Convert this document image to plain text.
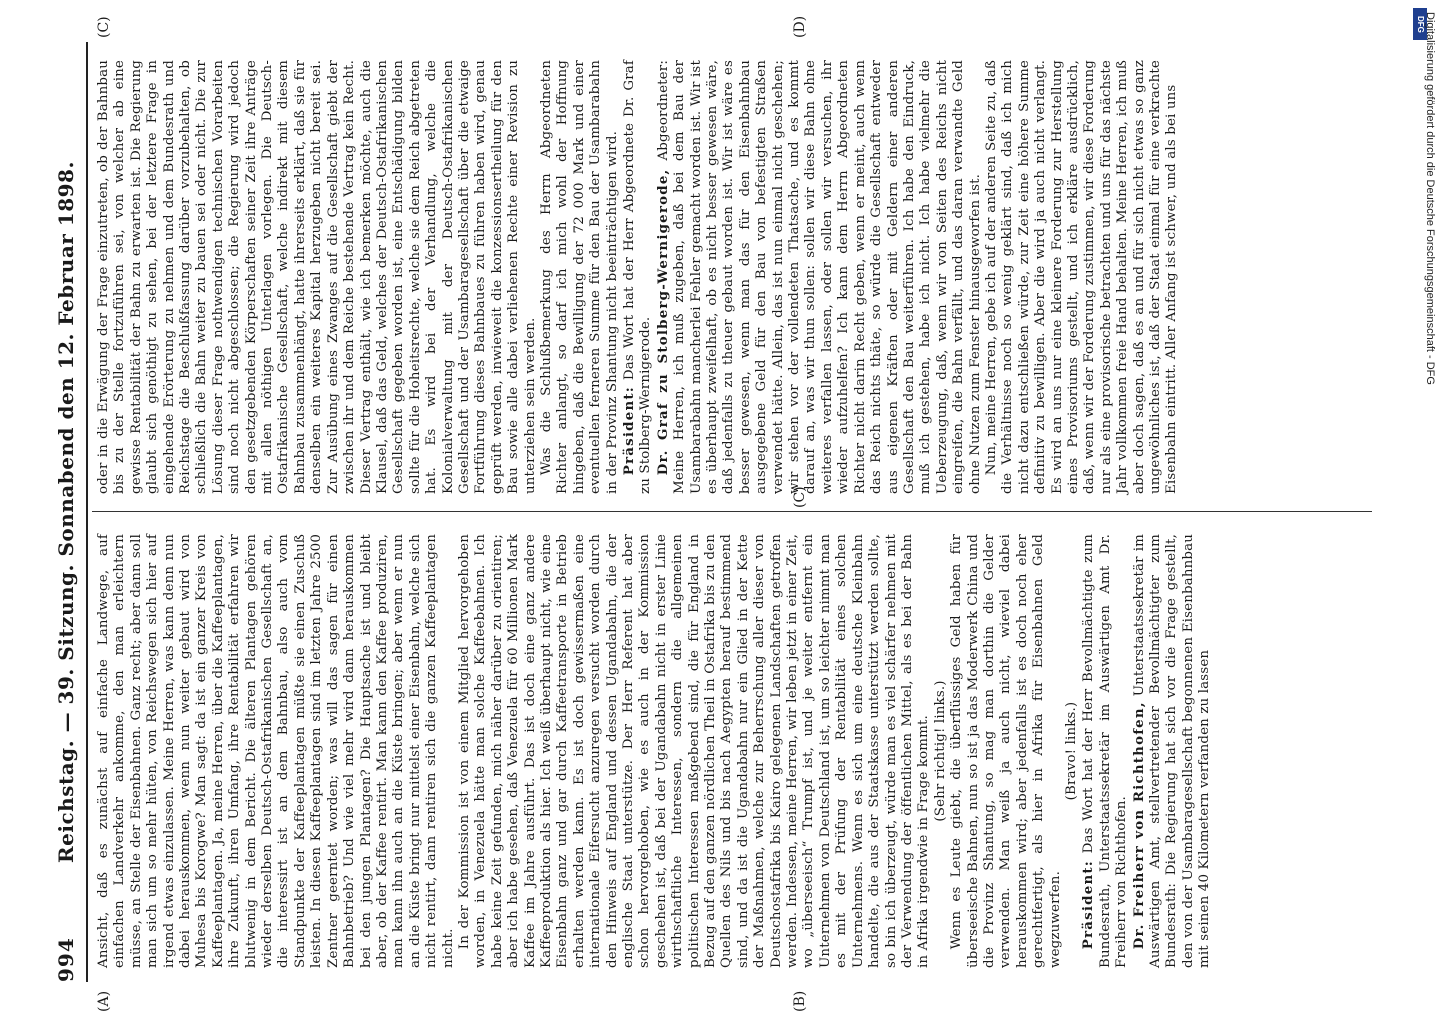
994
Reichstag. — 39. Sitzung. Sonnabend den 12. Februar 1898.
(A)	(B)
(C)

Ansicht, daß es zunächst auf einfache Landwege, auf einfachen Landverkehr ankomme, den man erleichtern müsse, an Stelle der Eisenbahnen. Ganz recht; aber dann soll man sich um so mehr hüten, von Reichswegen sich hier auf irgend etwas einzulassen. Meine Herren, was kann denn nun dabei herauskommen, wenn nun weiter gebaut wird von Muhesa bis Korogwe? Man sagt: da ist ein ganzer Kreis von Kaffeeplantagen. Ja, meine Herren, über die Kaffeeplantagen, ihre Zukunft, ihren Umfang, ihre Rentabilität erfahren wir blutwenig in dem Bericht. Die älteren Plantagen gehören wieder derselben Deutsch-Ostafrikanischen Gesellschaft an, die interessirt ist an dem Bahnbau, also auch vom Standpunkte der Kaffeeplantagen müßte sie einen Zuschuß leisten. In diesen Kaffeeplantagen sind im letzten Jahre 2500 Zentner geerntet worden; was will das sagen für einen Bahnbetrieb? Und wie viel mehr wird dann herauskommen bei den jungen Plantagen? Die Hauptsache ist und bleibt aber, ob der Kaffee rentirt. Man kann den Kaffee produziren, man kann ihn auch an die Küste bringen; aber wenn er nun an die Küste bringt nur mittelst einer Eisenbahn, welche sich nicht rentirt, dann rentiren sich die ganzen Kaffeeplantagen nicht. In der Kommission ist von einem Mitglied hervorgehoben worden, in Venezuela hätte man solche Kaffeebahnen. Ich habe keine Zeit gefunden, mich näher darüber zu orientiren; aber ich habe gesehen, daß Venezuela für 60 Millionen Mark Kaffee im Jahre ausführt. Das ist doch eine ganz andere Kaffeeproduktion als hier. Ich weiß überhaupt nicht, wie eine Eisenbahn ganz und gar durch Kaffeetransporte in Betrieb erhalten werden kann. Es ist doch gewissermaßen eine internationale Eifersucht anzuregen versucht worden durch den Hinweis auf England und dessen Ugandabahn, die der englische Staat unterstütze. Der Herr Referent hat aber schon hervorgehoben, wie es auch in der Kommission geschehen ist, daß bei der Ugandabahn nicht in erster Linie wirthschaftliche Interessen, sondern die allgemeinen politischen Interessen maßgebend sind, die für England in Bezug auf den ganzen nördlichen Theil in Ostafrika bis zu den Quellen des Nils und bis nach Aegypten herauf bestimmend sind, und da ist die Ugandabahn nur ein Glied in der Kette der Maßnahmen, welche zur Beherrschung aller dieser von Deutschostafrika bis Kairo gelegenen Landschaften getroffen werden. Indessen, meine Herren, wir leben jetzt in einer Zeit, wo „überseeisch“ Trumpf ist, und je weiter entfernt ein Unternehmen von Deutschland ist, um so leichter nimmt man es mit der Prüfung der Rentabilität eines solchen Unternehmens. Wenn es sich um eine deutsche Kleinbahn handelte, die aus der Staatskasse unterstützt werden sollte, so bin ich überzeugt, würde man es viel schärfer nehmen mit der Verwendung der öffentlichen Mittel, als es bei der Bahn in Afrika irgendwie in Frage kommt. (Sehr richtig! links.) Wenn es Leute giebt, die überflüssiges Geld haben für überseeische Bahnen, nun so ist ja das Moderwerk China und die Provinz Shantung, so mag man dorthin die Gelder verwenden. Man weiß ja auch nicht, wieviel dabei herauskommen wird; aber jedenfalls ist es doch noch eher gerechtfertigt, als hier in Afrika für Eisenbahnen Geld wegzuwerfen.

(Bravo! links.)

Präsident: Das Wort hat der Herr Bevollmächtigte zum Bundesrath, Unterstaatssekretär im Auswärtigen Amt Dr. Freiherr von Richthofen. Dr. Freiherr von Richthofen, Unterstaatssekretär im Auswärtigen Amt, stellvertretender Bevollmächtigter zum Bundesrath: Die Regierung hat sich vor die Frage gestellt, den von der Usambaragesellschaft begonnenen Eisenbahnbau mit seinen 40 Kilometern verfanden zu lassen

oder in die Erwägung der Frage einzutreten, ob der Bahnbau bis zu der Stelle fortzuführen sei, von welcher ab eine gewisse Rentabilität der Bahn zu erwarten ist. Die Regierung glaubt sich genöthigt zu sehen, bei der letztere Frage in eingehende Erörterung zu nehmen und dem Bundesrath und Reichstage die Beschlußfassung darüber vorzubehalten, ob schließlich die Bahn weiter zu bauen sei oder nicht. Die zur Lösung dieser Frage nothwendigen technischen Vorarbeiten sind noch nicht abgeschlossen; die Regierung wird jedoch den gesetzgebenden Körperschaften seiner Zeit ihre Anträge mit allen nöthigen Unterlagen vorlegen. Die Deutsch-Ostafrikanische Gesellschaft, welche indirekt mit diesem Bahnbau zusammenhängt, hatte ihrerseits erklärt, daß sie für denselben ein weiteres Kapital herzugeben nicht bereit sei. Zur Ausübung eines Zwanges auf die Gesellschaft giebt der zwischen ihr und dem Reiche bestehende Vertrag kein Recht. Dieser Vertrag enthält, wie ich bemerken möchte, auch die Klausel, daß das Geld, welches der Deutsch-Ostafrikanischen Gesellschaft gegeben worden ist, eine Entschädigung bilden sollte für die Hoheitsrechte, welche sie dem Reich abgetreten hat. Es wird bei der Verhandlung, welche die Kolonialverwaltung mit der Deutsch-Ostafrikanischen Gesellschaft und der Usambaragesellschaft über die etwaige Fortführung dieses Bahnbaues zu führen haben wird, genau geprüft werden, inwieweit die konzessionsertheilung für den Bau sowie alle dabei verliehenen Rechte einer Revision zu unterziehen sein werden. Was die Schlußbemerkung des Herrn Abgeordneten Richter anlangt, so darf ich mich wohl der Hoffnung hingeben, daß die Bewilligung der 72 000 Mark und einer eventuellen ferneren Summe für den Bau der Usambarabahn in der Provinz Shantung nicht beeinträchtigen wird. Präsident: Das Wort hat der Herr Abgeordnete Dr. Graf zu Stolberg-Wernigerode. Dr. Graf zu Stolberg-Wernigerode, Abgeordneter: Meine Herren, ich muß zugeben, daß bei dem Bau der Usambarabahn mancherlei Fehler gemacht worden ist. Wir ist es überhaupt zweifelhaft, ob es nicht besser gewesen wäre, daß jedenfalls zu theuer gebaut worden ist. Wir ist wäre es besser gewesen, wenn man das für den Eisenbahnbau ausgegebene Geld für den Bau von befestigten Straßen verwendet hätte. Allein, das ist nun einmal nicht geschehen; wir stehen vor der vollendeten Thatsache, und es kommt darauf an, was wir thun sollen: sollen wir diese Bahn ohne weiteres verfallen lassen, oder sollen wir versuchen, ihr wieder aufzuhelfen? Ich kann dem Herrn Abgeordneten Richter nicht darin Recht geben, wenn er meint, auch wenn das Reich nichts thäte, so würde die Gesellschaft entweder aus eigenen Kräften oder mit Geldern einer anderen Gesellschaft den Bau weiterführen. Ich habe den Eindruck, muß ich gestehen, habe ich nicht. Ich habe vielmehr die Ueberzeugung, daß, wenn wir von Seiten des Reichs nicht eingreifen, die Bahn verfällt, und das daran verwandte Geld ohne Nutzen zum Fenster hinausgeworfen ist. Nun, meine Herren, gebe ich auf der anderen Seite zu, daß die Verhältnisse noch so wenig geklärt sind, daß ich mich nicht dazu entschließen würde, zur Zeit eine höhere Summe definitiv zu bewilligen. Aber die wird ja auch nicht verlangt. Es wird an uns nur eine kleinere Forderung zur Herstellung eines Provisoriums gestellt, und ich erkläre ausdrücklich, daß, wenn wir der Forderung zustimmen, wir diese Forderung nur als eine provisorische betrachten und uns für das nächste Jahr vollkommen freie Hand behalten. Meine Herren, ich muß aber doch sagen, daß es an und für sich nicht etwas so ganz ungewöhnliches ist, daß der Staat einmal für eine verkrachte Eisenbahn eintritt. Aller Anfang ist schwer, und als bei uns

(C)	(D)	DFG Digitalisierung gefördert durch die Deutsche Forschungsgemeinschaft - DFG
